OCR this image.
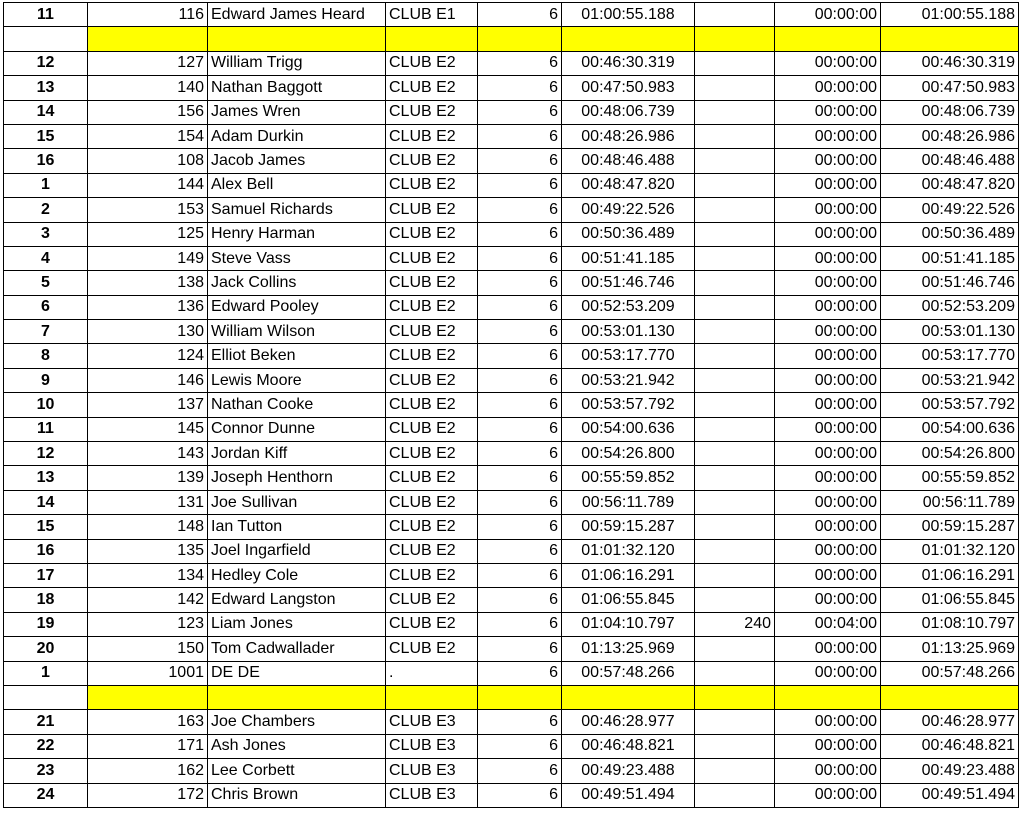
11	116	Edward James Heard	CLUB E1	6	01:00:55.188		00:00:00	01:00:55.188

12	127	William Trigg	CLUB E2	6	00:46:30.319		00:00:00	00:46:30.319
13	140	Nathan Baggott	CLUB E2	6	00:47:50.983		00:00:00	00:47:50.983
14	156	James Wren	CLUB E2	6	00:48:06.739		00:00:00	00:48:06.739
15	154	Adam Durkin	CLUB E2	6	00:48:26.986		00:00:00	00:48:26.986
16	108	Jacob James	CLUB E2	6	00:48:46.488		00:00:00	00:48:46.488
1	144	Alex Bell	CLUB E2	6	00:48:47.820		00:00:00	00:48:47.820
2	153	Samuel Richards	CLUB E2	6	00:49:22.526		00:00:00	00:49:22.526
3	125	Henry Harman	CLUB E2	6	00:50:36.489		00:00:00	00:50:36.489
4	149	Steve Vass	CLUB E2	6	00:51:41.185		00:00:00	00:51:41.185
5	138	Jack Collins	CLUB E2	6	00:51:46.746		00:00:00	00:51:46.746
6	136	Edward Pooley	CLUB E2	6	00:52:53.209		00:00:00	00:52:53.209
7	130	William Wilson	CLUB E2	6	00:53:01.130		00:00:00	00:53:01.130
8	124	Elliot Beken	CLUB E2	6	00:53:17.770		00:00:00	00:53:17.770
9	146	Lewis Moore	CLUB E2	6	00:53:21.942		00:00:00	00:53:21.942
10	137	Nathan Cooke	CLUB E2	6	00:53:57.792		00:00:00	00:53:57.792
11	145	Connor Dunne	CLUB E2	6	00:54:00.636		00:00:00	00:54:00.636
12	143	Jordan Kiff	CLUB E2	6	00:54:26.800		00:00:00	00:54:26.800
13	139	Joseph Henthorn	CLUB E2	6	00:55:59.852		00:00:00	00:55:59.852
14	131	Joe Sullivan	CLUB E2	6	00:56:11.789		00:00:00	00:56:11.789
15	148	Ian Tutton	CLUB E2	6	00:59:15.287		00:00:00	00:59:15.287
16	135	Joel Ingarfield	CLUB E2	6	01:01:32.120		00:00:00	01:01:32.120
17	134	Hedley Cole	CLUB E2	6	01:06:16.291		00:00:00	01:06:16.291
18	142	Edward Langston	CLUB E2	6	01:06:55.845		00:00:00	01:06:55.845
19	123	Liam Jones	CLUB E2	6	01:04:10.797	240	00:04:00	01:08:10.797
20	150	Tom Cadwallader	CLUB E2	6	01:13:25.969		00:00:00	01:13:25.969
1	1001	DE DE	.	6	00:57:48.266		00:00:00	00:57:48.266

21	163	Joe Chambers	CLUB E3	6	00:46:28.977		00:00:00	00:46:28.977
22	171	Ash Jones	CLUB E3	6	00:46:48.821		00:00:00	00:46:48.821
23	162	Lee Corbett	CLUB E3	6	00:49:23.488		00:00:00	00:49:23.488
24	172	Chris Brown	CLUB E3	6	00:49:51.494		00:00:00	00:49:51.494
